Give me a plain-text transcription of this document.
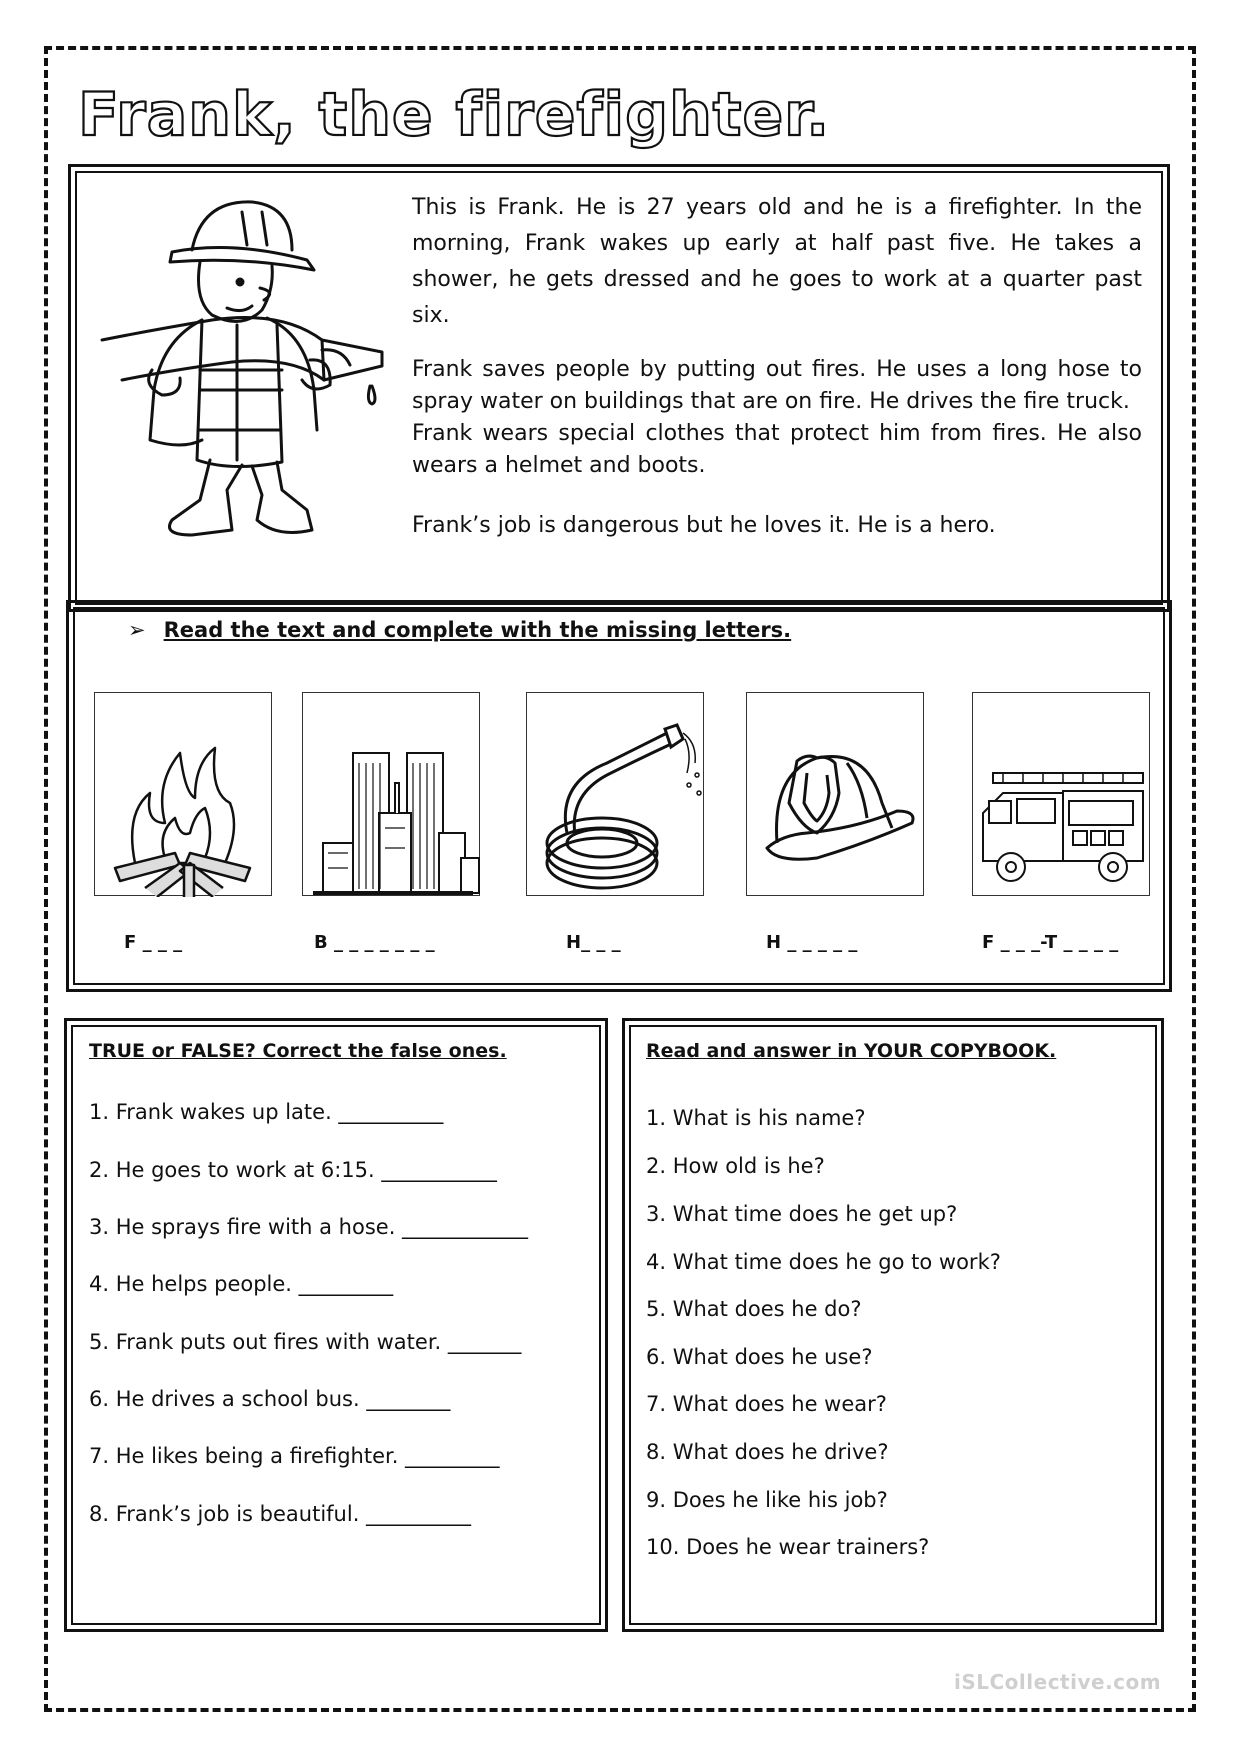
Frank, the firefighter.

This is Frank. He is 27 years old and he is a firefighter. In the morning, Frank wakes up early at half past five. He takes a shower, he gets dressed and he goes to work at a quarter past six.

Frank saves people by putting out fires. He uses a long hose to spray water on buildings that are on fire. He drives the fire truck.

Frank wears special clothes that protect him from fires. He also wears a helmet and boots.

Frank’s job is dangerous but he loves it. He is a hero.

➢ Read the text and complete with the missing letters.
F _ _ _	B _ _ _ _ _ _ _	H_ _ _	H _ _ _ _ _	F _ _ _-T _ _ _ _
TRUE or FALSE? Correct the false ones.
1. Frank wakes up late. __________
2. He goes to work at 6:15. ___________
3. He sprays fire with a hose. ____________
4. He helps people. _________
5. Frank puts out fires with water. _______
6. He drives a school bus. ________
7. He likes being a firefighter. _________
8. Frank’s job is beautiful. __________
Read and answer in YOUR COPYBOOK.
1. What is his name?
2. How old is he?
3. What time does he get up?
4. What time does he go to work?
5. What does he do?
6. What does he use?
7. What does he wear?
8. What does he drive?
9. Does he like his job?
10. Does he wear trainers?
iSLCollective.com
